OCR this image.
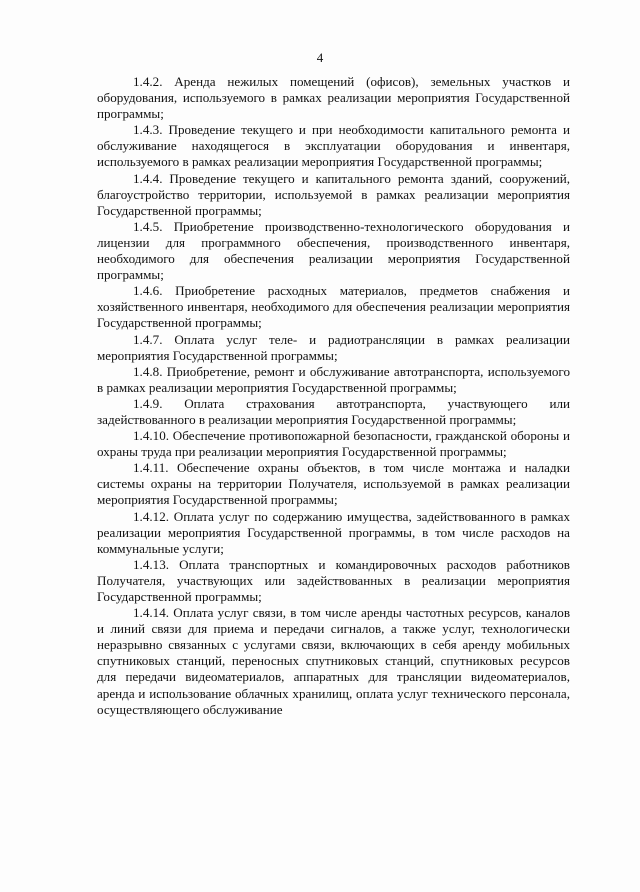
4

1.4.2. Аренда нежилых помещений (офисов), земельных участков и оборудования, используемого в рамках реализации мероприятия Государственной программы;

1.4.3. Проведение текущего и при необходимости капитального ремонта и обслуживание находящегося в эксплуатации оборудования и инвентаря, используемого в рамках реализации мероприятия Государственной программы;

1.4.4. Проведение текущего и капитального ремонта зданий, сооружений, благоустройство территории, используемой в рамках реализации мероприятия Государственной программы;

1.4.5. Приобретение производственно-технологического оборудования и лицензии для программного обеспечения, производственного инвентаря, необходимого для обеспечения реализации мероприятия Государственной программы;

1.4.6. Приобретение расходных материалов, предметов снабжения и хозяйственного инвентаря, необходимого для обеспечения реализации мероприятия Государственной программы;

1.4.7. Оплата услуг теле- и радиотрансляции в рамках реализации мероприятия Государственной программы;

1.4.8. Приобретение, ремонт и обслуживание автотранспорта, используемого в рамках реализации мероприятия Государственной программы;

1.4.9. Оплата страхования автотранспорта, участвующего или задействованного в реализации мероприятия Государственной программы;

1.4.10. Обеспечение противопожарной безопасности, гражданской обороны и охраны труда при реализации мероприятия Государственной программы;

1.4.11. Обеспечение охраны объектов, в том числе монтажа и наладки системы охраны на территории Получателя, используемой в рамках реализации мероприятия Государственной программы;

1.4.12. Оплата услуг по содержанию имущества, задействованного в рамках реализации мероприятия Государственной программы, в том числе расходов на коммунальные услуги;

1.4.13. Оплата транспортных и командировочных расходов работников Получателя, участвующих или задействованных в реализации мероприятия Государственной программы;

1.4.14. Оплата услуг связи, в том числе аренды частотных ресурсов, каналов и линий связи для приема и передачи сигналов, а также услуг, технологически неразрывно связанных с услугами связи, включающих в себя аренду мобильных спутниковых станций, переносных спутниковых станций, спутниковых ресурсов для передачи видеоматериалов, аппаратных для трансляции видеоматериалов, аренда и использование облачных хранилищ, оплата услуг технического персонала, осуществляющего обслуживание
